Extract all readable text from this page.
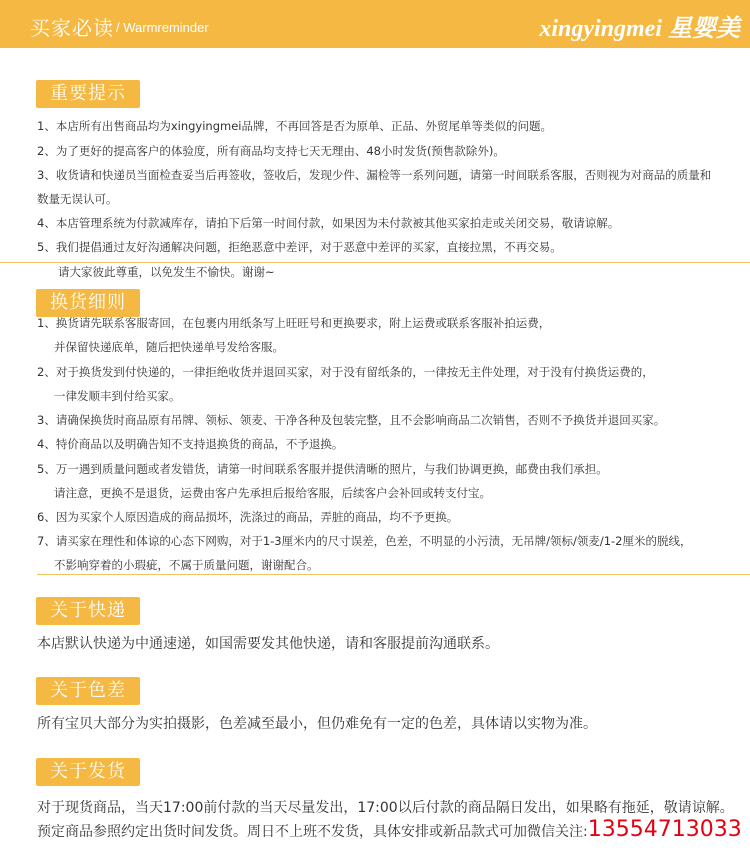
买家必读 / Warmreminder	xingyingmei 星婴美
重要提示
1、本店所有出售商品均为xingyingmei品牌，不再回答是否为原单、正品、外贸尾单等类似的问题。
2、为了更好的提高客户的体验度，所有商品均支持七天无理由、48小时发货(预售款除外)。
3、收货请和快递员当面检查妥当后再签收，签收后，发现少件、漏检等一系列问题，请第一时间联系客服，否则视为对商品的质量和
数量无误认可。
4、本店管理系统为付款减库存，请拍下后第一时间付款，如果因为未付款被其他买家拍走或关闭交易，敬请谅解。
5、我们提倡通过友好沟通解决问题，拒绝恶意中差评，对于恶意中差评的买家，直接拉黑，不再交易。
请大家彼此尊重，以免发生不愉快。谢谢~
换货细则
1、换货请先联系客服寄回，在包裹内用纸条写上旺旺号和更换要求，附上运费或联系客服补拍运费，
并保留快递底单，随后把快递单号发给客服。
2、对于换货发到付快递的，一律拒绝收货并退回买家，对于没有留纸条的，一律按无主件处理，对于没有付换货运费的，
一律发顺丰到付给买家。
3、请确保换货时商品原有吊牌、领标、领麦、干净各种及包装完整，且不会影响商品二次销售，否则不予换货并退回买家。
4、特价商品以及明确告知不支持退换货的商品，不予退换。
5、万一遇到质量问题或者发错货，请第一时间联系客服并提供清晰的照片，与我们协调更换，邮费由我们承担。
请注意，更换不是退货，运费由客户先承担后报给客服，后续客户会补回或转支付宝。
6、因为买家个人原因造成的商品损坏，洗涤过的商品，弄脏的商品，均不予更换。
7、请买家在理性和体谅的心态下网购，对于1-3厘米内的尺寸误差，色差，不明显的小污渍，无吊牌/领标/领麦/1-2厘米的脱线，
不影响穿着的小瑕疵，不属于质量问题，谢谢配合。
关于快递
本店默认快递为中通速递，如国需要发其他快递，请和客服提前沟通联系。
关于色差
所有宝贝大部分为实拍摄影，色差减至最小，但仍难免有一定的色差，具体请以实物为准。
关于发货
对于现货商品，当天17:00前付款的当天尽量发出，17:00以后付款的商品隔日发出，如果略有拖延，敬请谅解。
预定商品参照约定出货时间发货。周日不上班不发货，具体安排或新品款式可加微信关注:13554713033
